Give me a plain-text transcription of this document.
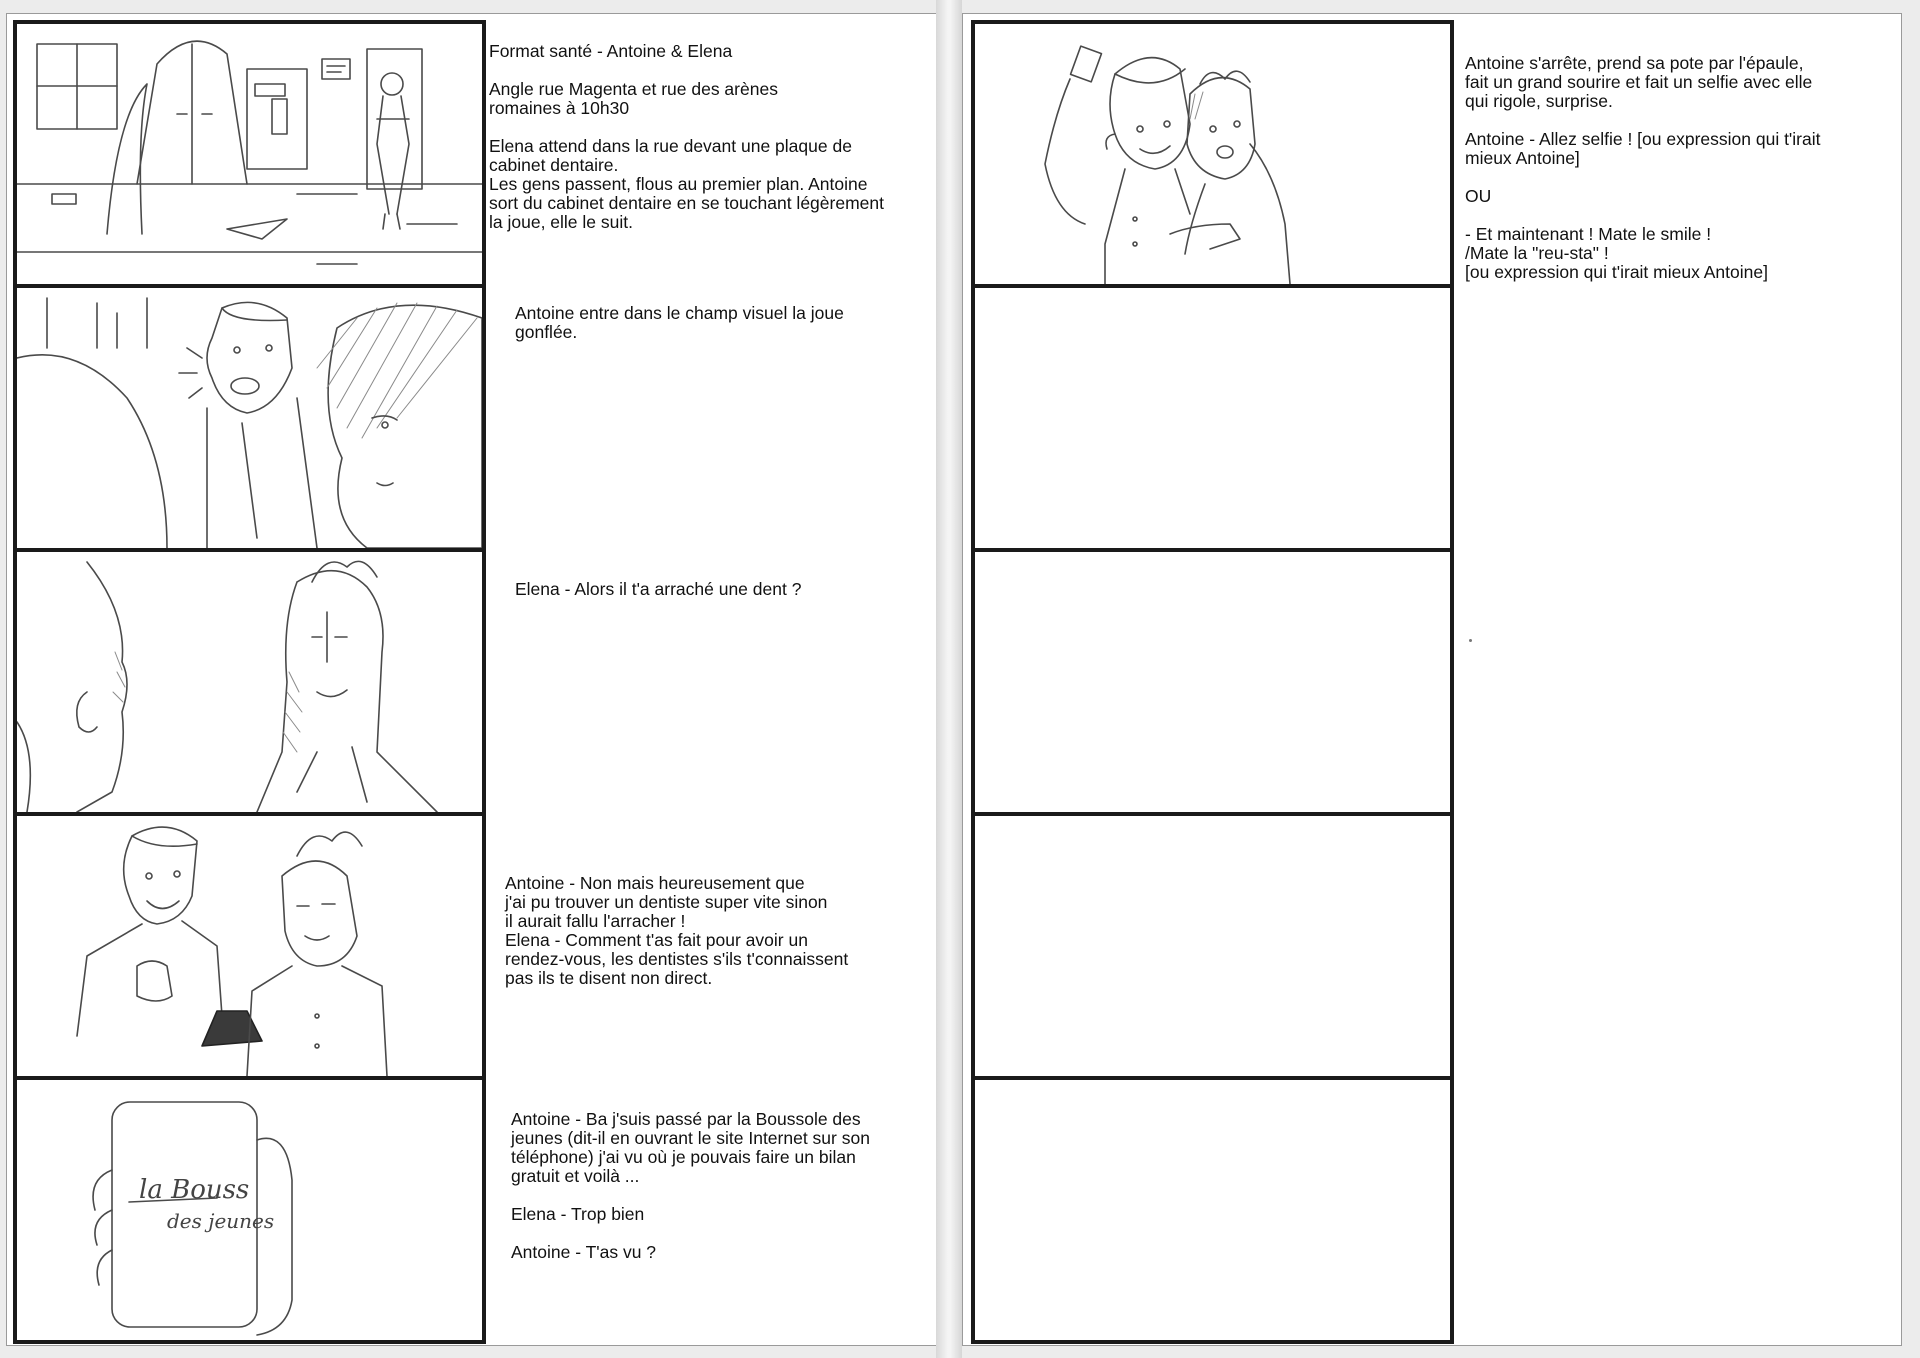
Format santé - Antoine & Elena

Angle rue Magenta et rue des arènes
romaines à 10h30

Elena attend dans la rue devant une plaque de
cabinet dentaire.
Les gens passent, flous au premier plan. Antoine
sort du cabinet dentaire en se touchant légèrement
la joue, elle le suit.

Antoine entre dans le champ visuel la joue
gonflée.

Elena - Alors il t'a arraché une dent ?

Antoine - Non mais heureusement que
j'ai pu trouver un dentiste super vite sinon
il aurait fallu l'arracher !
Elena - Comment t'as fait pour avoir un
rendez-vous, les dentistes s'ils t'connaissent
pas ils te disent non direct.

la Bouss
des jeunes

Antoine - Ba j'suis passé par la Boussole des
jeunes (dit-il en ouvrant le site Internet sur son
téléphone) j'ai vu où je pouvais faire un bilan
gratuit et voilà ...

Elena - Trop bien

Antoine - T'as vu ?

Antoine s'arrête, prend sa pote par l'épaule,
fait un grand sourire et fait un selfie avec elle
qui rigole, surprise.

Antoine - Allez selfie ! [ou expression qui t'irait
mieux Antoine]

OU

- Et maintenant ! Mate le smile !
/Mate la "reu-sta" !
[ou expression qui t'irait mieux Antoine]
